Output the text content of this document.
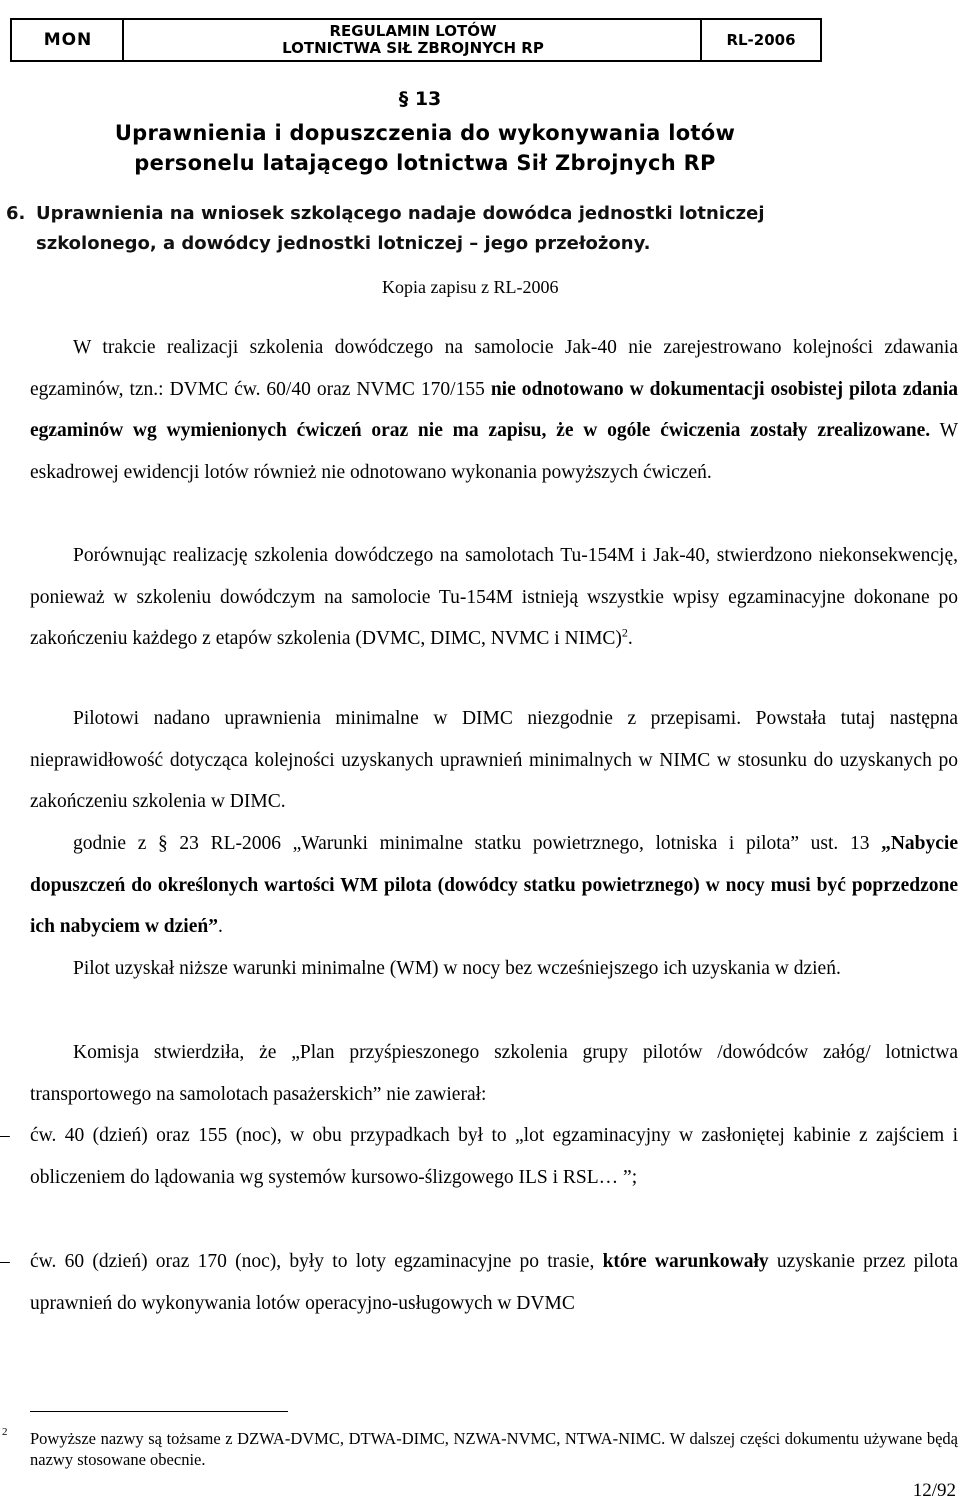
MON	REGULAMIN LOTÓW
LOTNICTWA SIŁ ZBROJNYCH RP	RL-2006
§ 13
Uprawnienia i dopuszczenia do wykonywania lotów
personelu latającego lotnictwa Sił Zbrojnych RP
6. Uprawnienia na wniosek szkolącego nadaje dowódca jednostki lotniczej szkolonego, a dowódcy jednostki lotniczej – jego przełożony.
Kopia zapisu z RL-2006
W trakcie realizacji szkolenia dowódczego na samolocie Jak-40 nie zarejestrowano kolejności zdawania egzaminów, tzn.: DVMC ćw. 60/40 oraz NVMC 170/155 nie odnotowano w dokumentacji osobistej pilota zdania egzaminów wg wymienionych ćwiczeń oraz nie ma zapisu, że w ogóle ćwiczenia zostały zrealizowane. W eskadrowej ewidencji lotów również nie odnotowano wykonania powyższych ćwiczeń.
Porównując realizację szkolenia dowódczego na samolotach Tu-154M i Jak-40, stwierdzono niekonsekwencję, ponieważ w szkoleniu dowódczym na samolocie Tu-154M istnieją wszystkie wpisy egzaminacyjne dokonane po zakończeniu każdego z etapów szkolenia (DVMC, DIMC, NVMC i NIMC)$^2$.
Pilotowi nadano uprawnienia minimalne w DIMC niezgodnie z przepisami. Powstała tutaj następna nieprawidłowość dotycząca kolejności uzyskanych uprawnień minimalnych w NIMC w stosunku do uzyskanych po zakończeniu szkolenia w DIMC.
godnie z § 23 RL-2006 „Warunki minimalne statku powietrznego, lotniska i pilota” ust. 13 „Nabycie dopuszczeń do określonych wartości WM pilota (dowódcy statku powietrznego) w nocy musi być poprzedzone ich nabyciem w dzień”.
Pilot uzyskał niższe warunki minimalne (WM) w nocy bez wcześniejszego ich uzyskania w dzień.
Komisja stwierdziła, że „Plan przyśpieszonego szkolenia grupy pilotów /dowódców załóg/ lotnictwa transportowego na samolotach pasażerskich” nie zawierał:
–	ćw. 40 (dzień) oraz 155 (noc), w obu przypadkach był to „lot egzaminacyjny w zasłoniętej kabinie z zajściem i obliczeniem do lądowania wg systemów kursowo-ślizgowego ILS i RSL… ”;
–	ćw. 60 (dzień) oraz 170 (noc), były to loty egzaminacyjne po trasie, które warunkowały uzyskanie przez pilota uprawnień do wykonywania lotów operacyjno-usługowych w DVMC
2 Powyższe nazwy są tożsame z DZWA-DVMC, DTWA-DIMC, NZWA-NVMC, NTWA-NIMC. W dalszej części dokumentu używane będą nazwy stosowane obecnie.
12/92
